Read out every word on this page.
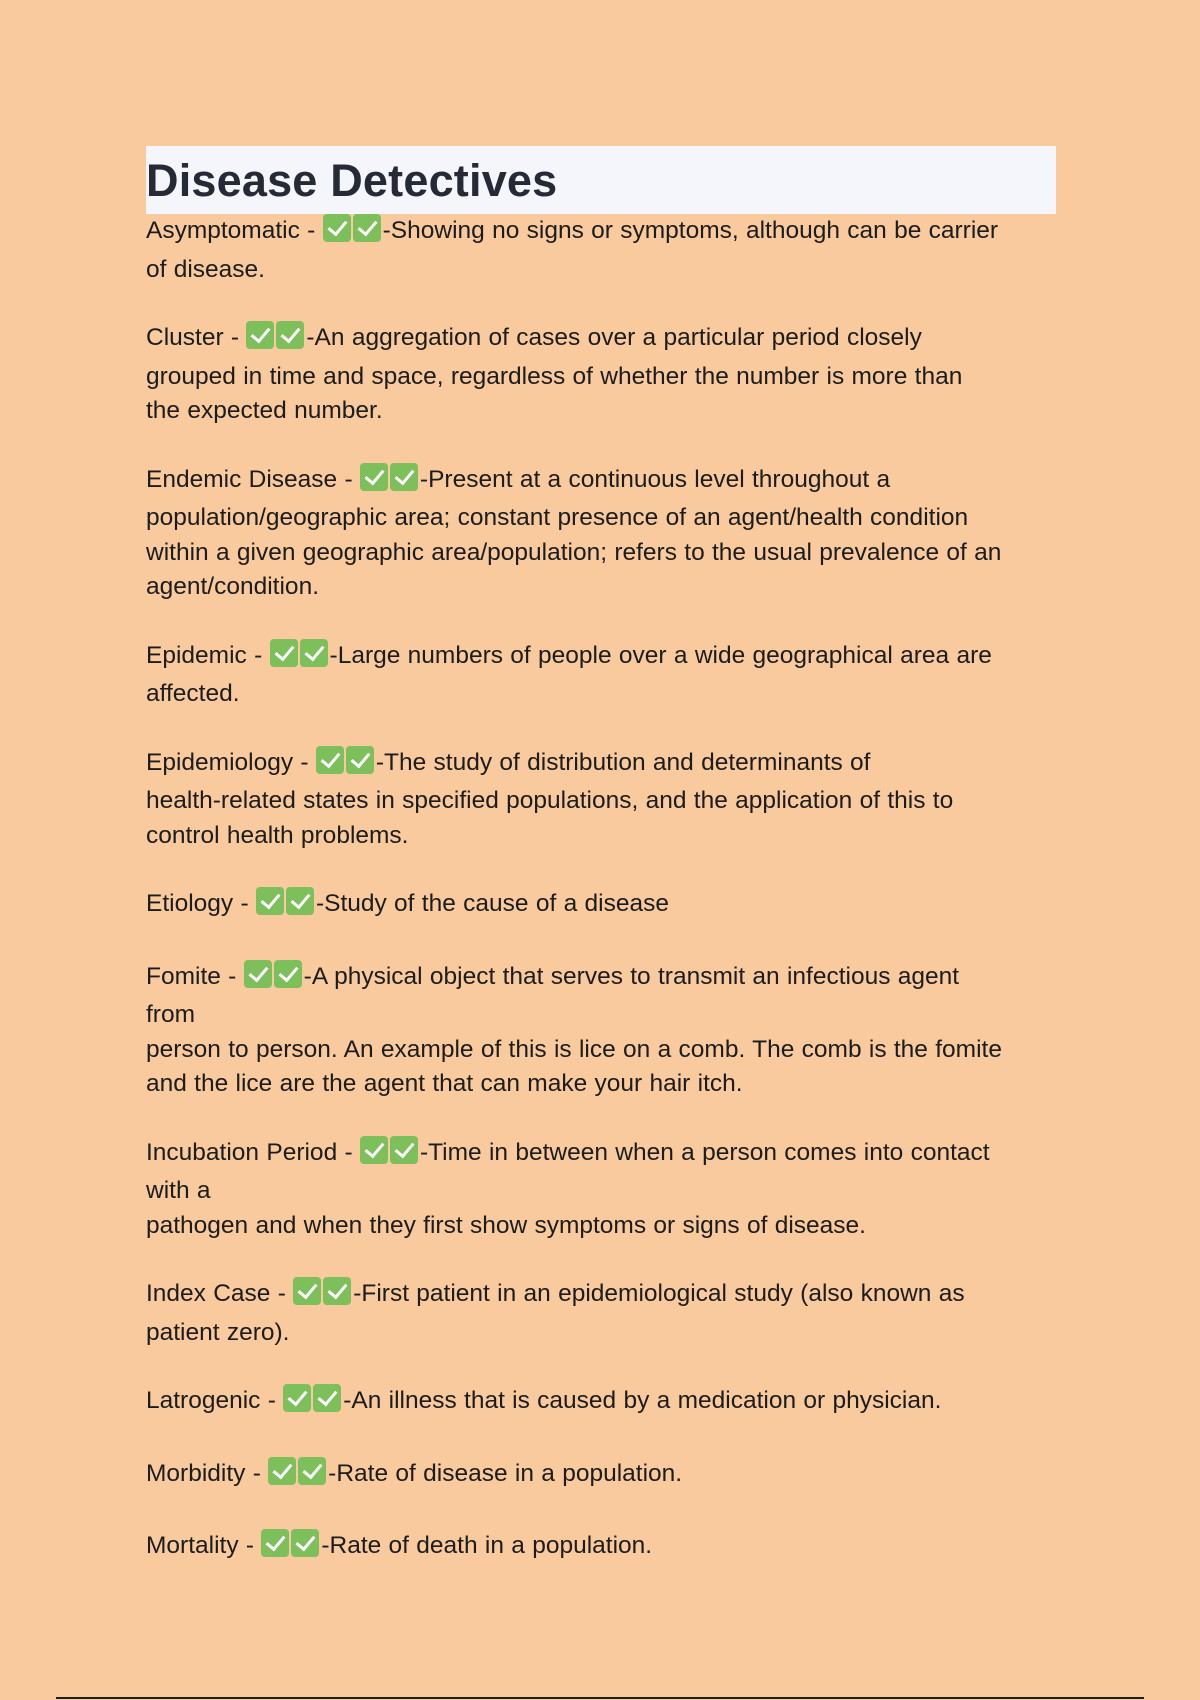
Disease Detectives
Asymptomatic - -Showing no signs or symptoms, although can be carrier
of disease.
Cluster - -An aggregation of cases over a particular period closely
grouped in time and space, regardless of whether the number is more than
the expected number.
Endemic Disease - -Present at a continuous level throughout a
population/geographic area; constant presence of an agent/health condition
within a given geographic area/population; refers to the usual prevalence of an
agent/condition.
Epidemic - -Large numbers of people over a wide geographical area are
affected.
Epidemiology - -The study of distribution and determinants of
health-related states in specified populations, and the application of this to
control health problems.
Etiology - -Study of the cause of a disease
Fomite - -A physical object that serves to transmit an infectious agent
from
person to person. An example of this is lice on a comb. The comb is the fomite
and the lice are the agent that can make your hair itch.
Incubation Period - -Time in between when a person comes into contact
with a
pathogen and when they first show symptoms or signs of disease.
Index Case - -First patient in an epidemiological study (also known as
patient zero).
Latrogenic - -An illness that is caused by a medication or physician.
Morbidity - -Rate of disease in a population.
Mortality - -Rate of death in a population.
